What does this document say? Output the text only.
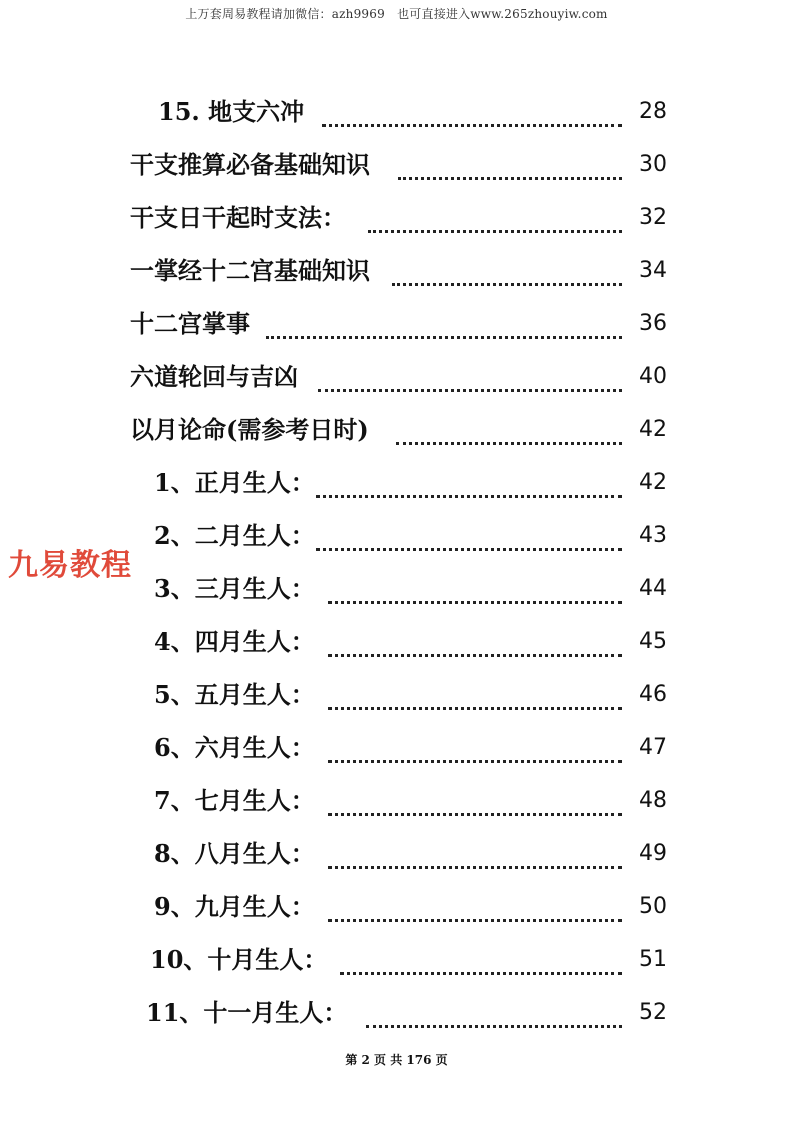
上万套周易教程请加微信：azh9969　也可直接进入www.265zhouyiw.com
九易教程
15. 地支六冲	28
干支推算必备基础知识	30
干支日干起时支法：	32
一掌经十二宫基础知识	34
十二宫掌事	36
六道轮回与吉凶	40
以月论命(需参考日时)	42
1、正月生人：	42
2、二月生人：	43
3、三月生人：	44
4、四月生人：	45
5、五月生人：	46
6、六月生人：	47
7、七月生人：	48
8、八月生人：	49
9、九月生人：	50
10、十月生人：	51
11、十一月生人：	52
第 2 页 共 176 页
